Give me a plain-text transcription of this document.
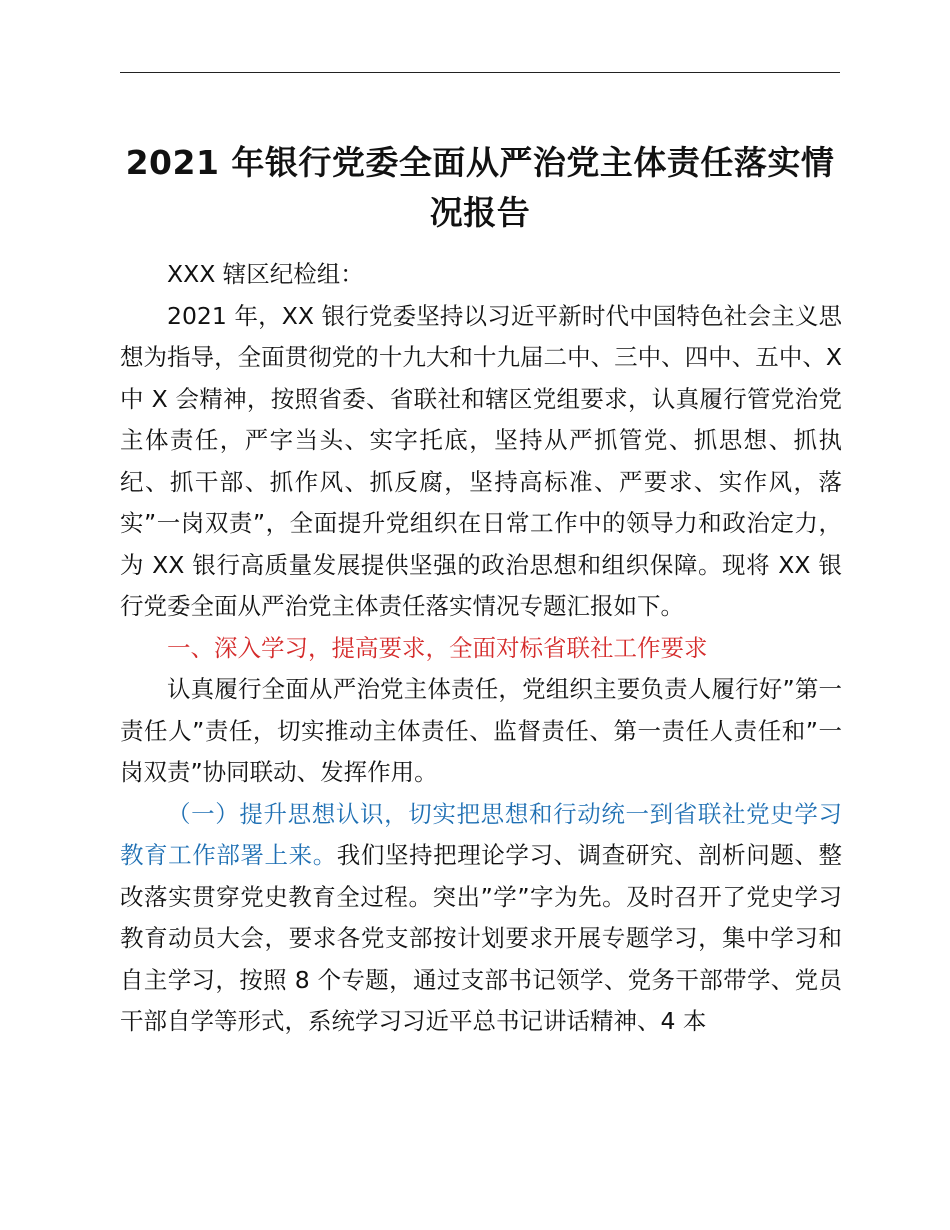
2021 年银行党委全面从严治党主体责任落实情
况报告

XXX 辖区纪检组：

2021 年，XX 银行党委坚持以习近平新时代中国特色社会主义思想为指导，全面贯彻党的十九大和十九届二中、三中、四中、五中、X 中 X 会精神，按照省委、省联社和辖区党组要求，认真履行管党治党主体责任，严字当头、实字托底，坚持从严抓管党、抓思想、抓执纪、抓干部、抓作风、抓反腐，坚持高标准、严要求、实作风，落实”一岗双责”，全面提升党组织在日常工作中的领导力和政治定力，为 XX 银行高质量发展提供坚强的政治思想和组织保障。现将 XX 银行党委全面从严治党主体责任落实情况专题汇报如下。

一、深入学习，提高要求，全面对标省联社工作要求

认真履行全面从严治党主体责任，党组织主要负责人履行好”第一责任人”责任，切实推动主体责任、监督责任、第一责任人责任和”一岗双责”协同联动、发挥作用。

（一）提升思想认识，切实把思想和行动统一到省联社党史学习教育工作部署上来。我们坚持把理论学习、调查研究、剖析问题、整改落实贯穿党史教育全过程。突出”学”字为先。及时召开了党史学习教育动员大会，要求各党支部按计划要求开展专题学习，集中学习和自主学习，按照 8 个专题，通过支部书记领学、党务干部带学、党员干部自学等形式，系统学习习近平总书记讲话精神、4 本
